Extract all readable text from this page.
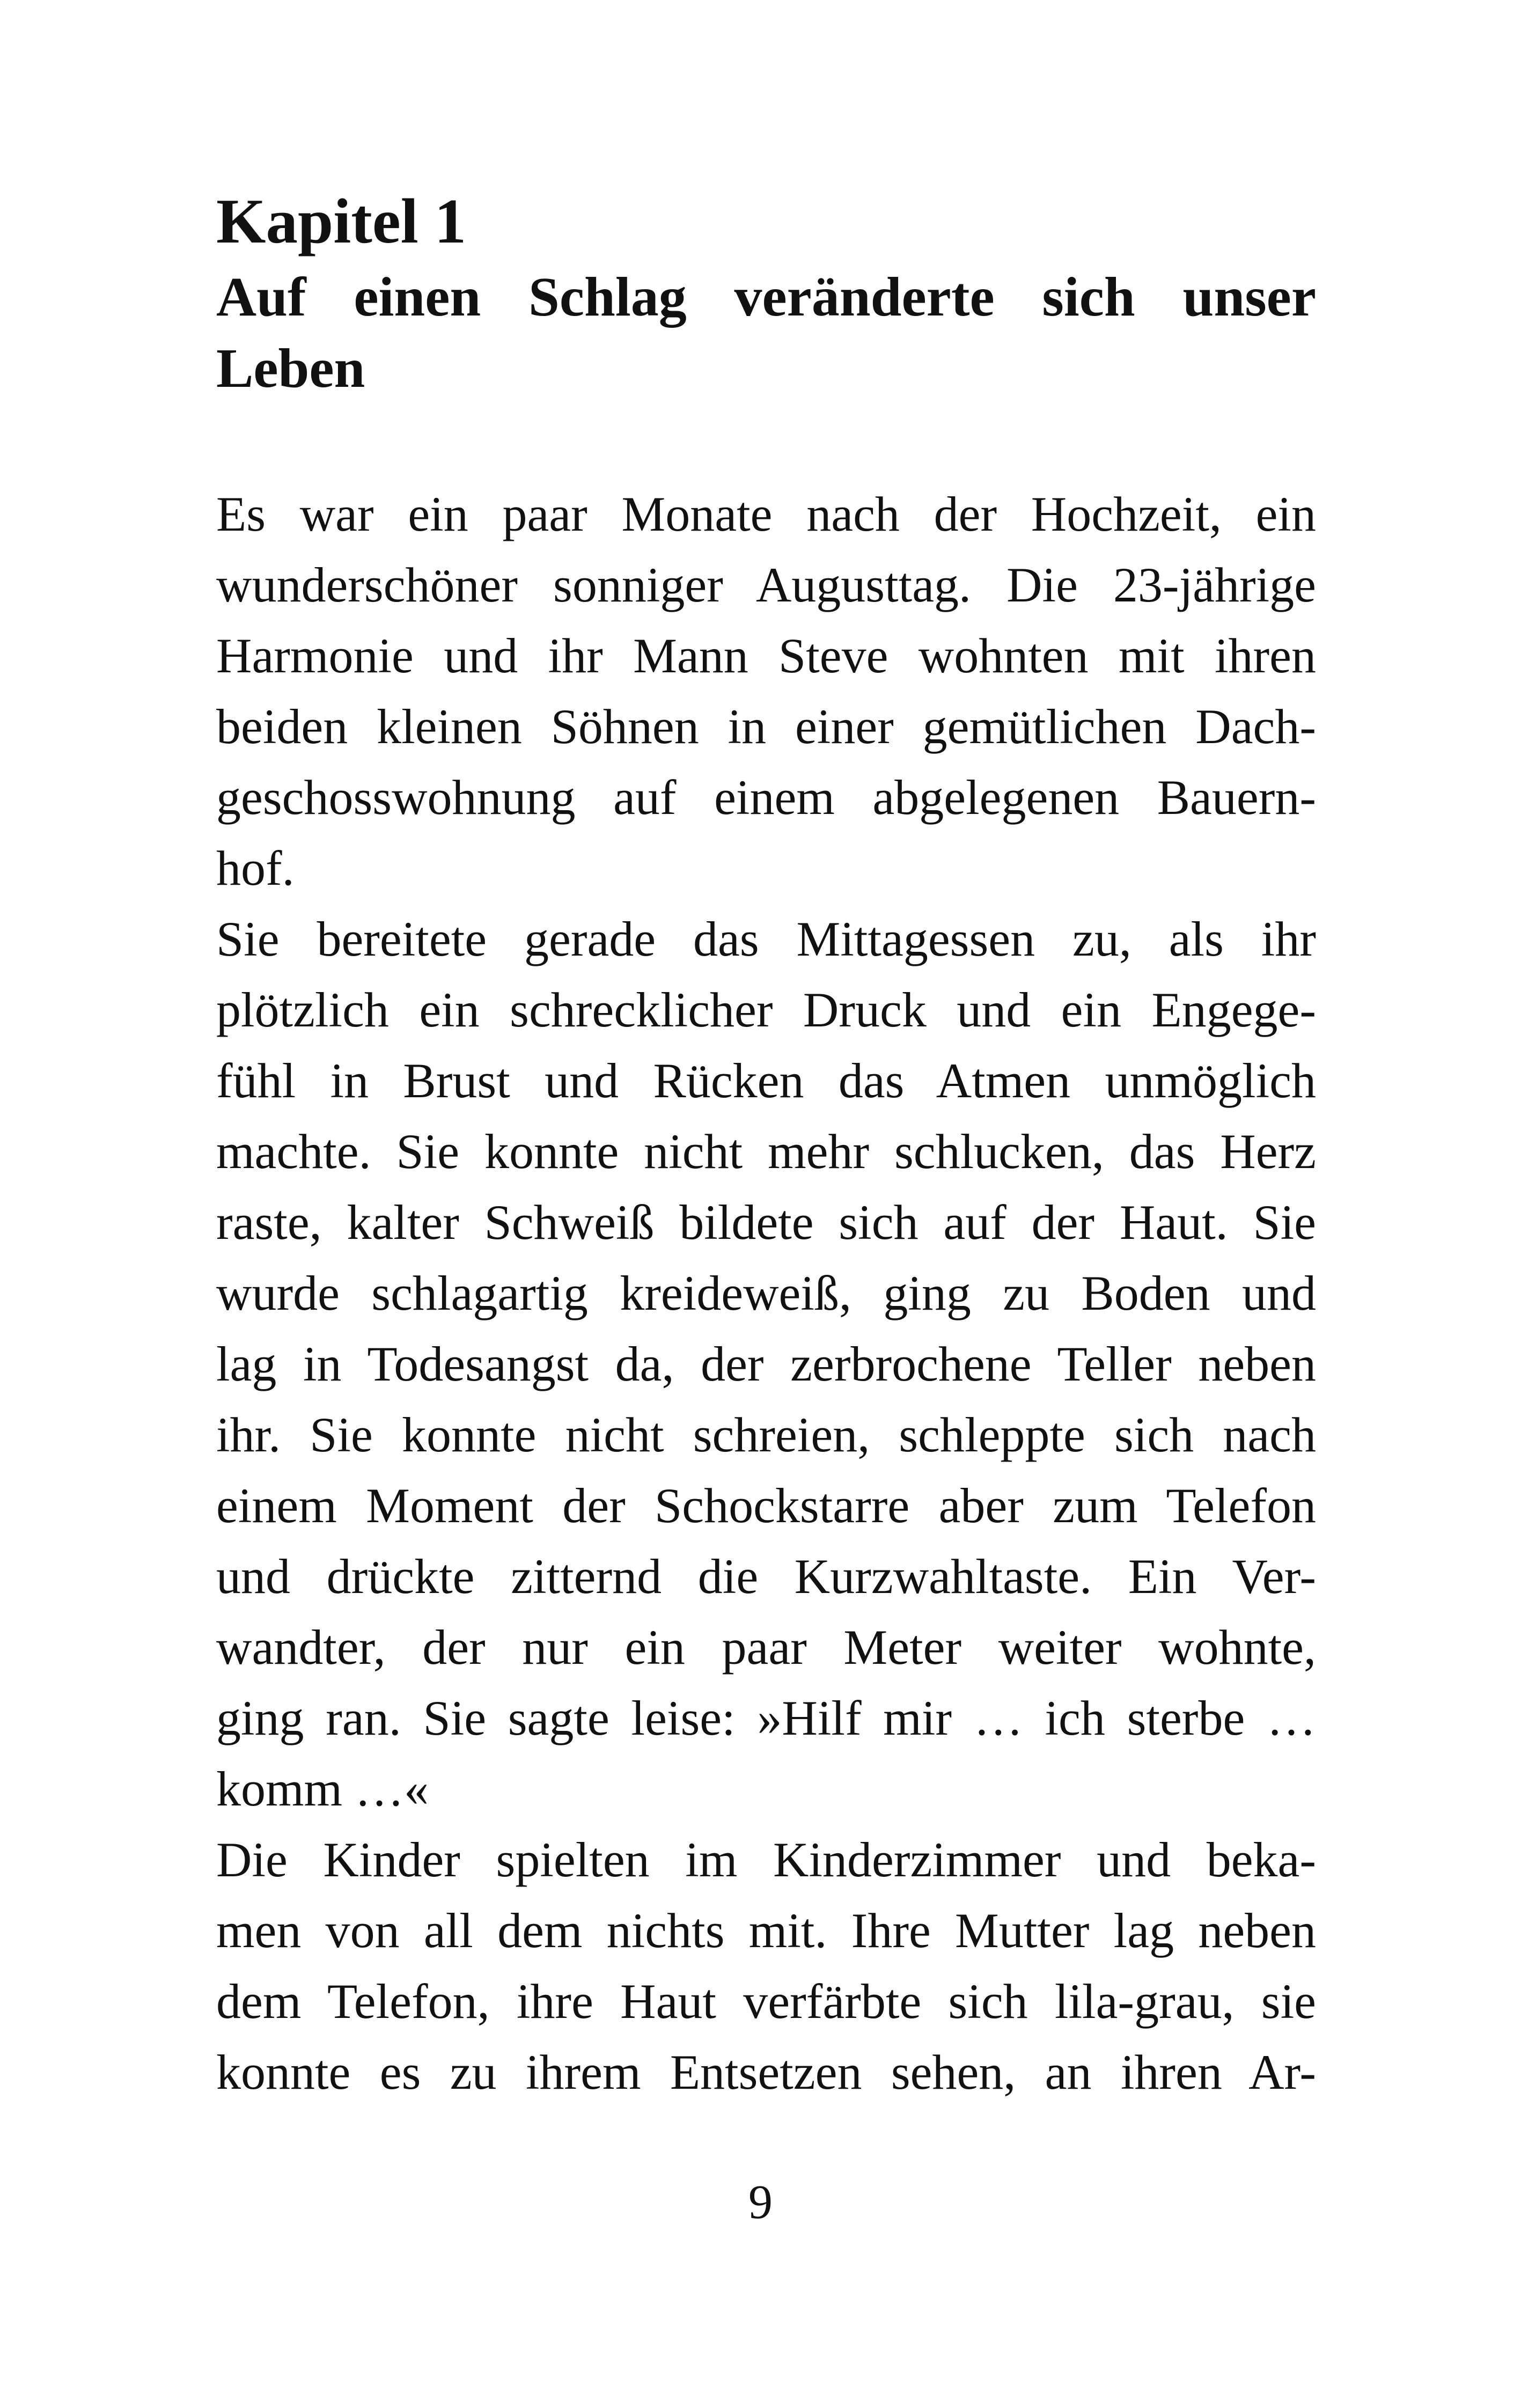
Kapitel 1
Auf einen Schlag veränderte sich unser
Leben
Es war ein paar Monate nach der Hochzeit, ein
wunderschöner sonniger Augusttag. Die 23-jährige
Harmonie und ihr Mann Steve wohnten mit ihren
beiden kleinen Söhnen in einer gemütlichen Dach-
geschosswohnung auf einem abgelegenen Bauern-
hof.
Sie bereitete gerade das Mittagessen zu, als ihr
plötzlich ein schrecklicher Druck und ein Engege-
fühl in Brust und Rücken das Atmen unmöglich
machte. Sie konnte nicht mehr schlucken, das Herz
raste, kalter Schweiß bildete sich auf der Haut. Sie
wurde schlagartig kreideweiß, ging zu Boden und
lag in Todesangst da, der zerbrochene Teller neben
ihr. Sie konnte nicht schreien, schleppte sich nach
einem Moment der Schockstarre aber zum Telefon
und drückte zitternd die Kurzwahltaste. Ein Ver-
wandter, der nur ein paar Meter weiter wohnte,
ging ran. Sie sagte leise: »Hilf mir … ich sterbe …
komm …«
Die Kinder spielten im Kinderzimmer und beka-
men von all dem nichts mit. Ihre Mutter lag neben
dem Telefon, ihre Haut verfärbte sich lila-grau, sie
konnte es zu ihrem Entsetzen sehen, an ihren Ar-
9
